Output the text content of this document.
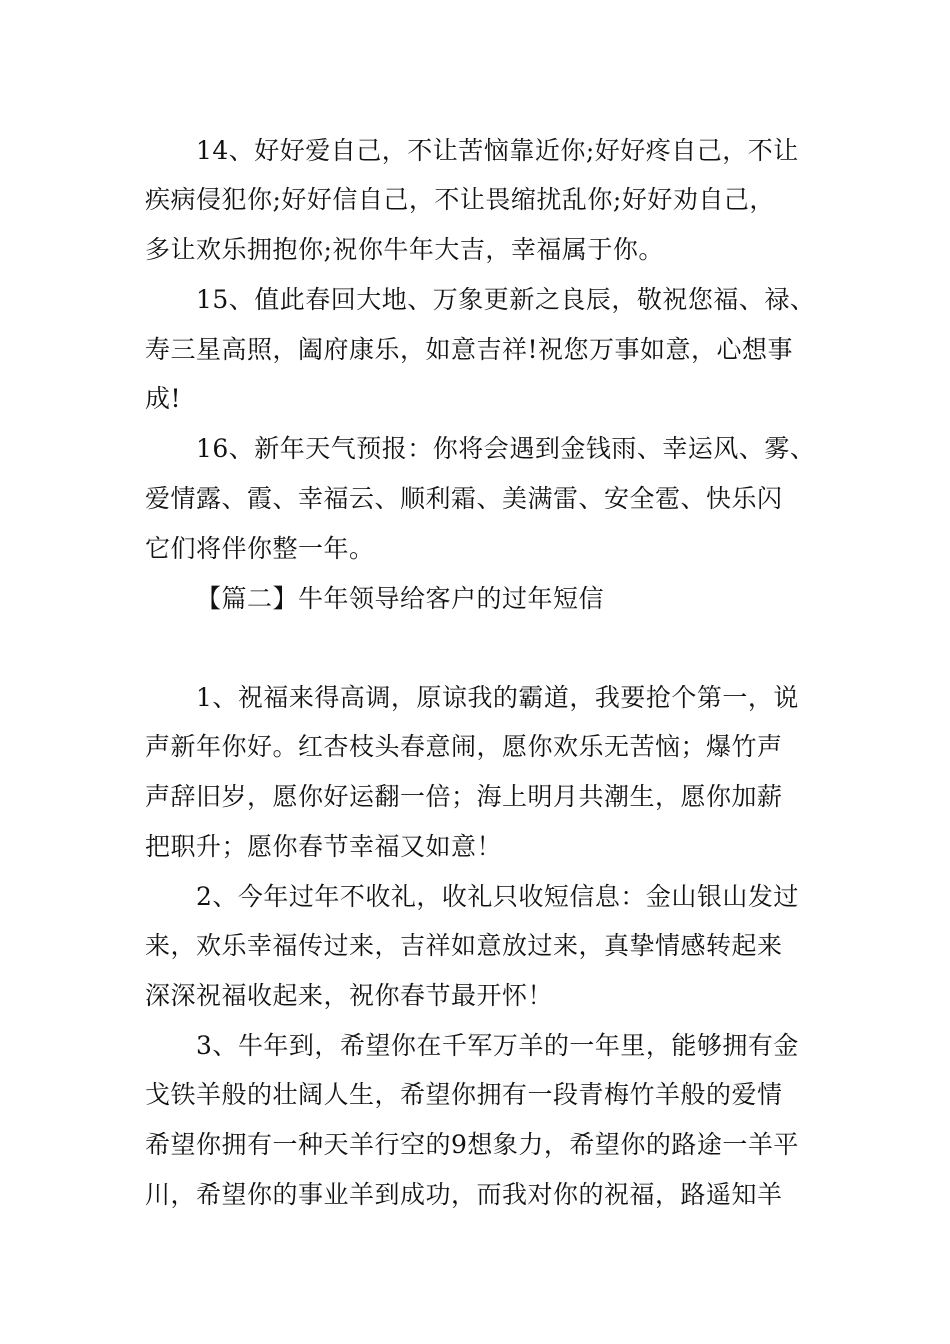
14、好好爱自己，不让苦恼靠近你;好好疼自己，不让
疾病侵犯你;好好信自己，不让畏缩扰乱你;好好劝自己，
多让欢乐拥抱你;祝你牛年大吉，幸福属于你。
15、值此春回大地、万象更新之良辰，敬祝您福、禄、
寿三星高照，阖府康乐，如意吉祥!祝您万事如意，心想事
成!
16、新年天气预报：你将会遇到金钱雨、幸运风、雾、
爱情露、霞、幸福云、顺利霜、美满雷、安全雹、快乐闪
它们将伴你整一年。
【篇二】牛年领导给客户的过年短信
1、祝福来得高调，原谅我的霸道，我要抢个第一，说
声新年你好。红杏枝头春意闹，愿你欢乐无苦恼；爆竹声
声辞旧岁，愿你好运翻一倍；海上明月共潮生，愿你加薪
把职升；愿你春节幸福又如意！
2、今年过年不收礼，收礼只收短信息：金山银山发过
来，欢乐幸福传过来，吉祥如意放过来，真挚情感转起来
深深祝福收起来，祝你春节最开怀！
3、牛年到，希望你在千军万羊的一年里，能够拥有金
戈铁羊般的壮阔人生，希望你拥有一段青梅竹羊般的爱情
希望你拥有一种天羊行空的9想象力，希望你的路途一羊平
川，希望你的事业羊到成功，而我对你的祝福，路遥知羊
